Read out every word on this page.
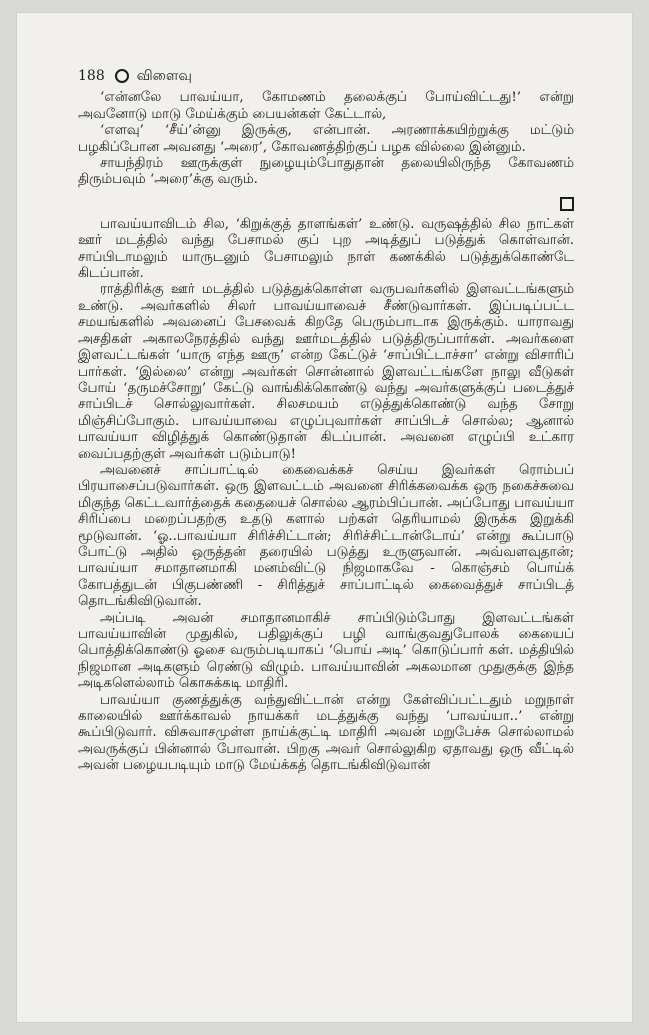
188 விளைவு

‘என்னலே பாவய்யா, கோமணம் தலைக்குப் போய்விட்டது!’ என்று அவனோடு மாடு மேய்க்கும் பையன்கள் கேட்டால்,

‘எளவு’ ‘சீய்’ன்னு இருக்கு, என்பான். அரணாக்கயிற்றுக்கு மட்டும் பழகிப்போன அவனது ‘அரை’, கோவணத்திற்குப் பழக வில்லை இன்னும்.

சாயந்திரம் ஊருக்குள் நுழையும்போதுதான் தலையிலிருந்த கோவணம் திரும்பவும் ‘அரை’க்கு வரும்.

பாவய்யாவிடம் சில, ‘கிறுக்குத் தாளங்கள்’ உண்டு. வருஷத்தில் சில நாட்கள் ஊர் மடத்தில் வந்து பேசாமல் குப் புற அடித்துப் படுத்துக் கொள்வான். சாப்பிடாமலும் யாருடனும் பேசாமலும் நாள் கணக்கில் படுத்துக்கொண்டே கிடப்பான்.

ராத்திரிக்கு ஊர் மடத்தில் படுத்துக்கொள்ள வருபவர்களில் இளவட்டங்களும் உண்டு. அவர்களில் சிலர் பாவய்யாவைச் சீண்டுவார்கள். இப்படிப்பட்ட சமயங்களில் அவனைப் பேசவைக் கிறதே பெரும்பாடாக இருக்கும். யாராவது அசதிகள் அகாலநேரத்தில் வந்து ஊர்மடத்தில் படுத்திருப்பார்கள். அவர்களை இளவட்டங்கள் ‘யாரு எந்த ஊரு’ என்ற கேட்டுச் ‘சாப்பிட்டாச்சா’ என்று விசாரிப் பார்கள். ‘இல்லை’ என்று அவர்கள் சொன்னால் இளவட்டங்களே நாலு வீடுகள் போய் ‘தருமச்சோறு’ கேட்டு வாங்கிக்கொண்டு வந்து அவர்களுக்குப் படைத்துச் சாப்பிடச் சொல்லுவார்கள். சிலசமயம் எடுத்துக்கொண்டு வந்த சோறு மிஞ்சிப்போகும். பாவய்யாவை எழுப்புவார்கள் சாப்பிடச் சொல்ல; ஆனால் பாவய்யா விழித்துக் கொண்டுதான் கிடப்பான். அவனை எழுப்பி உட்கார வைப்பதற்குள் அவர்கள் படும்பாடு!

அவனைச் சாப்பாட்டில் கைவைக்கச் செய்ய இவர்கள் ரொம்பப் பிரயாசைப்படுவார்கள். ஒரு இளவட்டம் அவனை சிரிக்கவைக்க ஒரு நகைச்சுவை மிகுந்த கெட்டவார்த்தைக் கதையைச் சொல்ல ஆரம்பிப்பான். அப்போது பாவய்யா சிரிப்பை மறைப்பதற்கு உதடு களால் பற்கள் தெரியாமல் இருக்க இறுக்கி மூடுவான். ‘ஓ..பாவய்யா சிரிச்சிட்டான்; சிரிச்சிட்டான்டோய்’ என்று கூப்பாடு போட்டு அதில் ஒருத்தன் தரையில் படுத்து உருளுவான். அவ்வளவுதான்; பாவய்யா சமாதானமாகி மனம்விட்டு நிஜமாகவே - கொஞ்சம் பொய்க் கோபத்துடன் பிகுபண்ணி - சிரித்துச் சாப்பாட்டில் கைவைத்துச் சாப்பிடத் தொடங்கிவிடுவான்.

அப்படி அவன் சமாதானமாகிச் சாப்பிடும்போது இளவட்டங்கள் பாவய்யாவின் முதுகில், பதிலுக்குப் பழி வாங்குவதுபோலக் கையைப் பொத்திக்கொண்டு ஓசை வரும்படியாகப் ‘பொய் அடி’ கொடுப்பார் கள். மத்தியில் நிஜமான அடிகளும் ரெண்டு விழும். பாவய்யாவின் அகலமான முதுகுக்கு இந்த அடிகளெல்லாம் கொசுக்கடி மாதிரி.

பாவய்யா குணத்துக்கு வந்துவிட்டான் என்று கேள்விப்பட்டதும் மறுநாள் காலையில் ஊர்க்காவல் நாயக்கர் மடத்துக்கு வந்து ‘பாவய்யா..’ என்று கூப்பிடுவார். விசுவாசமுள்ள நாய்க்குட்டி மாதிரி அவன் மறுபேச்சு சொல்லாமல் அவருக்குப் பின்னால் போவான். பிறகு அவர் சொல்லுகிற ஏதாவது ஒரு வீட்டில் அவன் பழையபடியும் மாடு மேய்க்கத் தொடங்கிவிடுவான்
